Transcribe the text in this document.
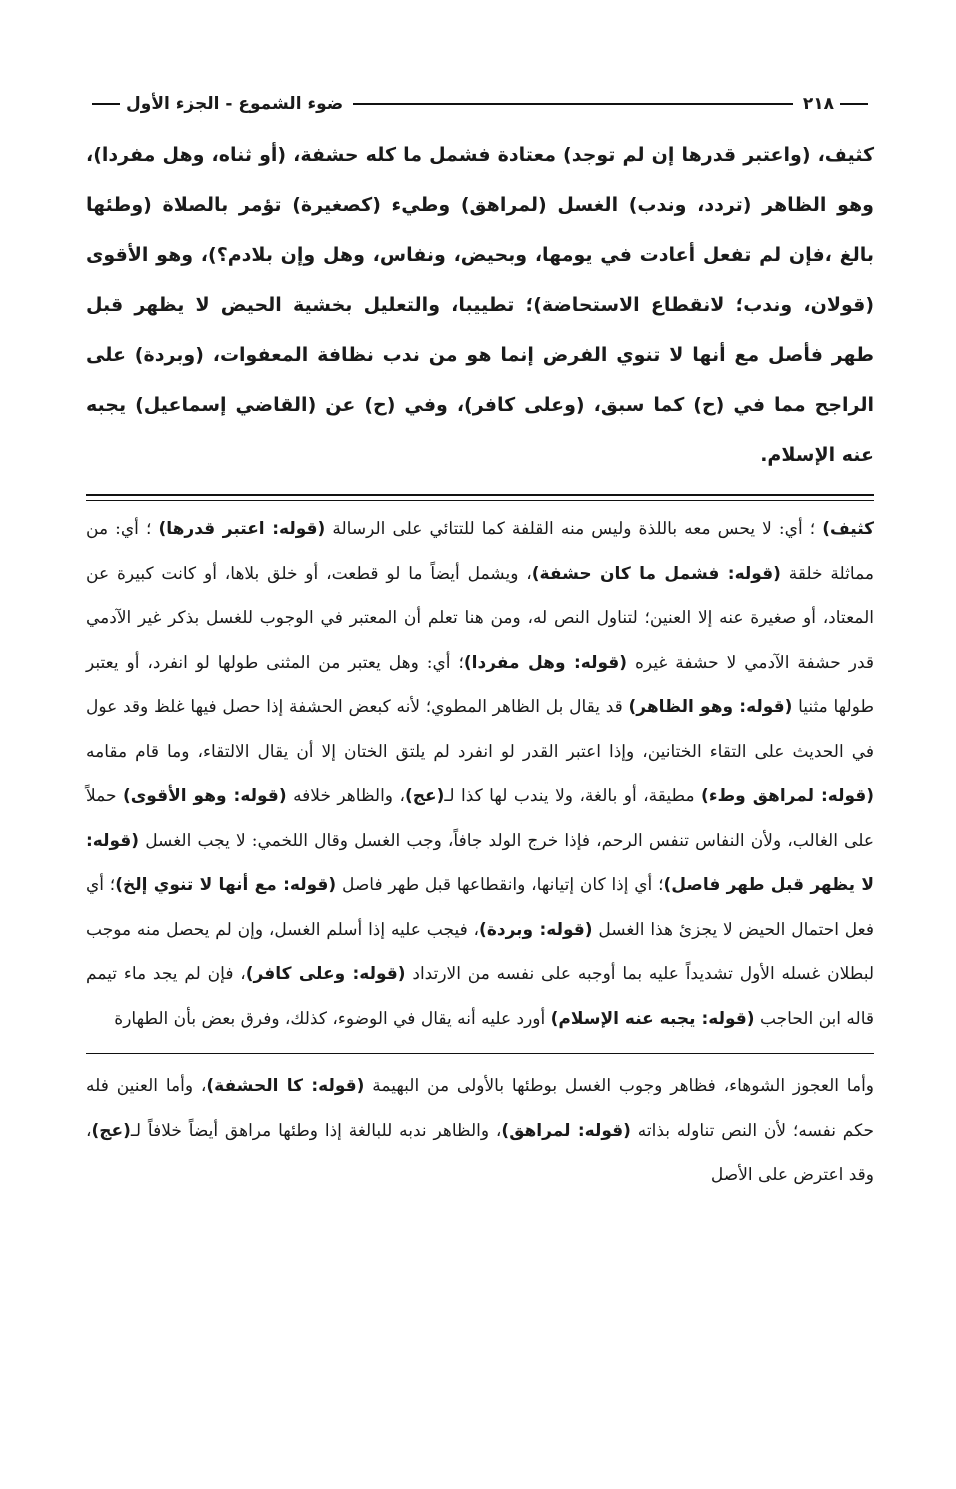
٢١٨
ضوء الشموع - الجزء الأول

كثيف، (واعتبر قدرها إن لم توجد) معتادة فشمل ما كله حشفة، (أو ثناه، وهل مفردا)، وهو الظاهر (تردد، وندب) الغسل (لمراهق) وطيء (كصغيرة) تؤمر بالصلاة (وطئها بالغ ،فإن لم تفعل أعادت في يومها، وبحيض، ونفاس، وهل وإن بلادم؟)، وهو الأقوى (قولان، وندب؛ لانقطاع الاستحاضة)؛ تطييبا، والتعليل بخشية الحيض لا يظهر قبل طهر فأصل مع أنها لا تنوي الفرض إنما هو من ندب نظافة المعفوات، (وبردة) على الراجح مما في (ح) كما سبق، (وعلى كافر)، وفي (ح) عن (القاضي إسماعيل) يجبه عنه الإسلام.

كثيف) ؛ أي: لا يحس معه باللذة وليس منه القلفة كما للتتائي على الرسالة (قوله: اعتبر قدرها) ؛ أي: من مماثلة خلقة (قوله: فشمل ما كان حشفة)، ويشمل أيضاً ما لو قطعت، أو خلق بلاها، أو كانت كبيرة عن المعتاد، أو صغيرة عنه إلا العنين؛ لتناول النص له، ومن هنا تعلم أن المعتبر في الوجوب للغسل بذكر غير الآدمي قدر حشفة الآدمي لا حشفة غيره (قوله: وهل مفردا)؛ أي: وهل يعتبر من المثنى طولها لو انفرد، أو يعتبر طولها مثنيا (قوله: وهو الظاهر) قد يقال بل الظاهر المطوي؛ لأنه كبعض الحشفة إذا حصل فيها غلظ وقد عول في الحديث على التقاء الختانين، وإذا اعتبر القدر لو انفرد لم يلتق الختان إلا أن يقال الالتقاء، وما قام مقامه (قوله: لمراهق وطء) مطيقة، أو بالغة، ولا يندب لها كذا لـ(عج)، والظاهر خلافه (قوله: وهو الأقوى) حملاً على الغالب، ولأن النفاس تنفس الرحم، فإذا خرج الولد جافاً، وجب الغسل وقال اللخمي: لا يجب الغسل (قوله: لا يظهر قبل طهر فاصل)؛ أي إذا كان إتيانها، وانقطاعها قبل طهر فاصل (قوله: مع أنها لا تنوي إلخ)؛ أي فعل احتمال الحيض لا يجزئ هذا الغسل (قوله: وبردة)، فيجب عليه إذا أسلم الغسل، وإن لم يحصل منه موجب لبطلان غسله الأول تشديداً عليه بما أوجبه على نفسه من الارتداد (قوله: وعلى كافر)، فإن لم يجد ماء تيمم قاله ابن الحاجب (قوله: يجبه عنه الإسلام) أورد عليه أنه يقال في الوضوء، كذلك، وفرق بعض بأن الطهارة

وأما العجوز الشوهاء، فظاهر وجوب الغسل بوطئها بالأولى من البهيمة (قوله: كا الحشفة)، وأما العنين فله حكم نفسه؛ لأن النص تناوله بذاته (قوله: لمراهق)، والظاهر ندبه للبالغة إذا وطئها مراهق أيضاً خلافاً لـ(عج)، وقد اعترض على الأصل
